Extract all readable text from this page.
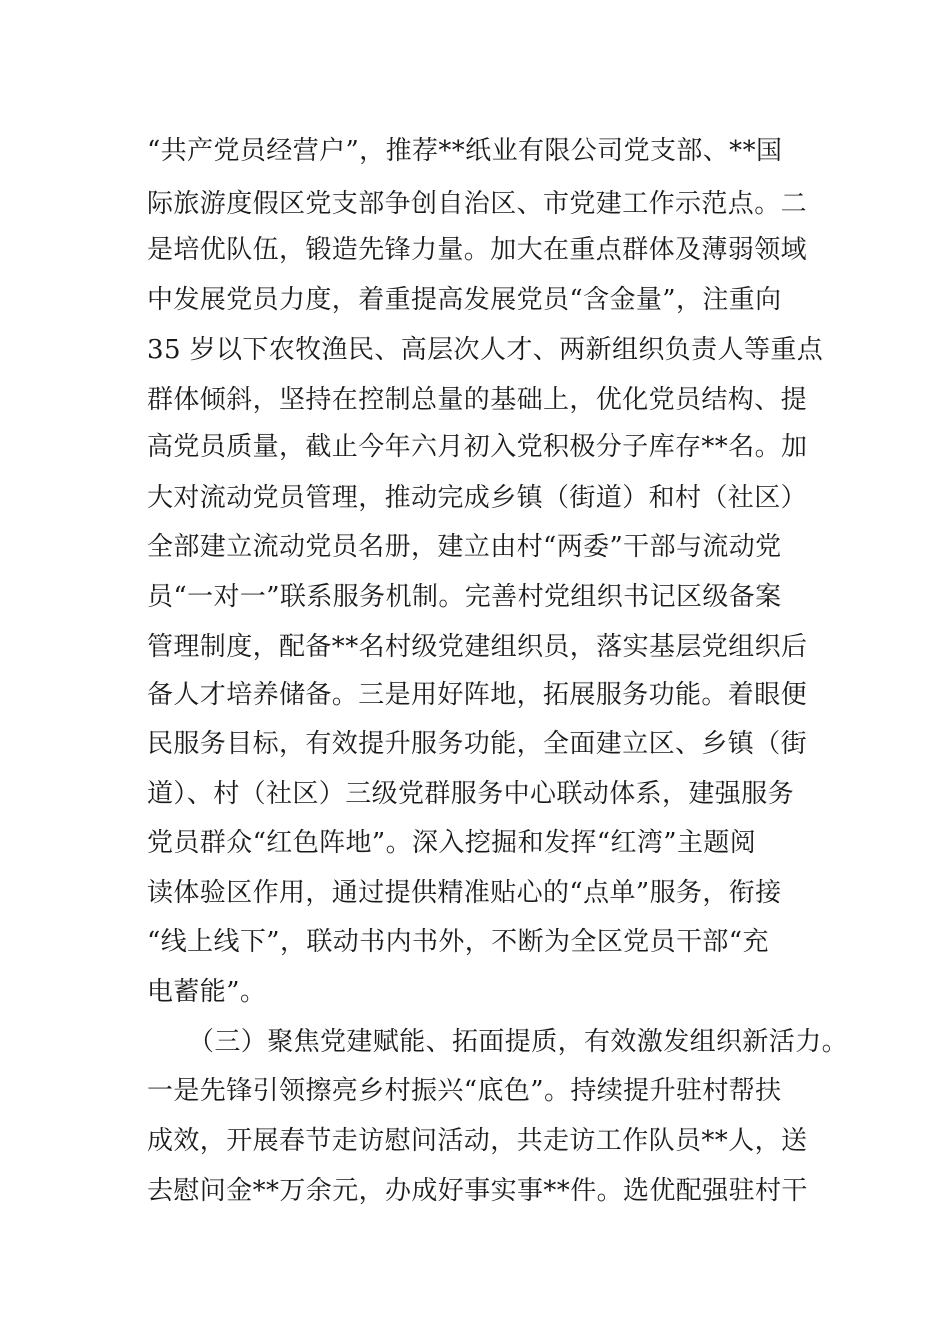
“共产党员经营户”，推荐**纸业有限公司党支部、**国
际旅游度假区党支部争创自治区、市党建工作示范点。二
是培优队伍，锻造先锋力量。加大在重点群体及薄弱领域
中发展党员力度，着重提高发展党员“含金量”，注重向
35 岁以下农牧渔民、高层次人才、两新组织负责人等重点
群体倾斜，坚持在控制总量的基础上，优化党员结构、提
高党员质量，截止今年六月初入党积极分子库存**名。加
大对流动党员管理，推动完成乡镇（街道）和村（社区）
全部建立流动党员名册，建立由村“两委”干部与流动党
员“一对一”联系服务机制。完善村党组织书记区级备案
管理制度，配备**名村级党建组织员，落实基层党组织后
备人才培养储备。三是用好阵地，拓展服务功能。着眼便
民服务目标，有效提升服务功能，全面建立区、乡镇（街
道）、村（社区）三级党群服务中心联动体系，建强服务
党员群众“红色阵地”。深入挖掘和发挥“红湾”主题阅
读体验区作用，通过提供精准贴心的“点单”服务，衔接
“线上线下”，联动书内书外，不断为全区党员干部“充
电蓄能”。
（三）聚焦党建赋能、拓面提质，有效激发组织新活力。
一是先锋引领擦亮乡村振兴“底色”。持续提升驻村帮扶
成效，开展春节走访慰问活动，共走访工作队员**人，送
去慰问金**万余元，办成好事实事**件。选优配强驻村干
